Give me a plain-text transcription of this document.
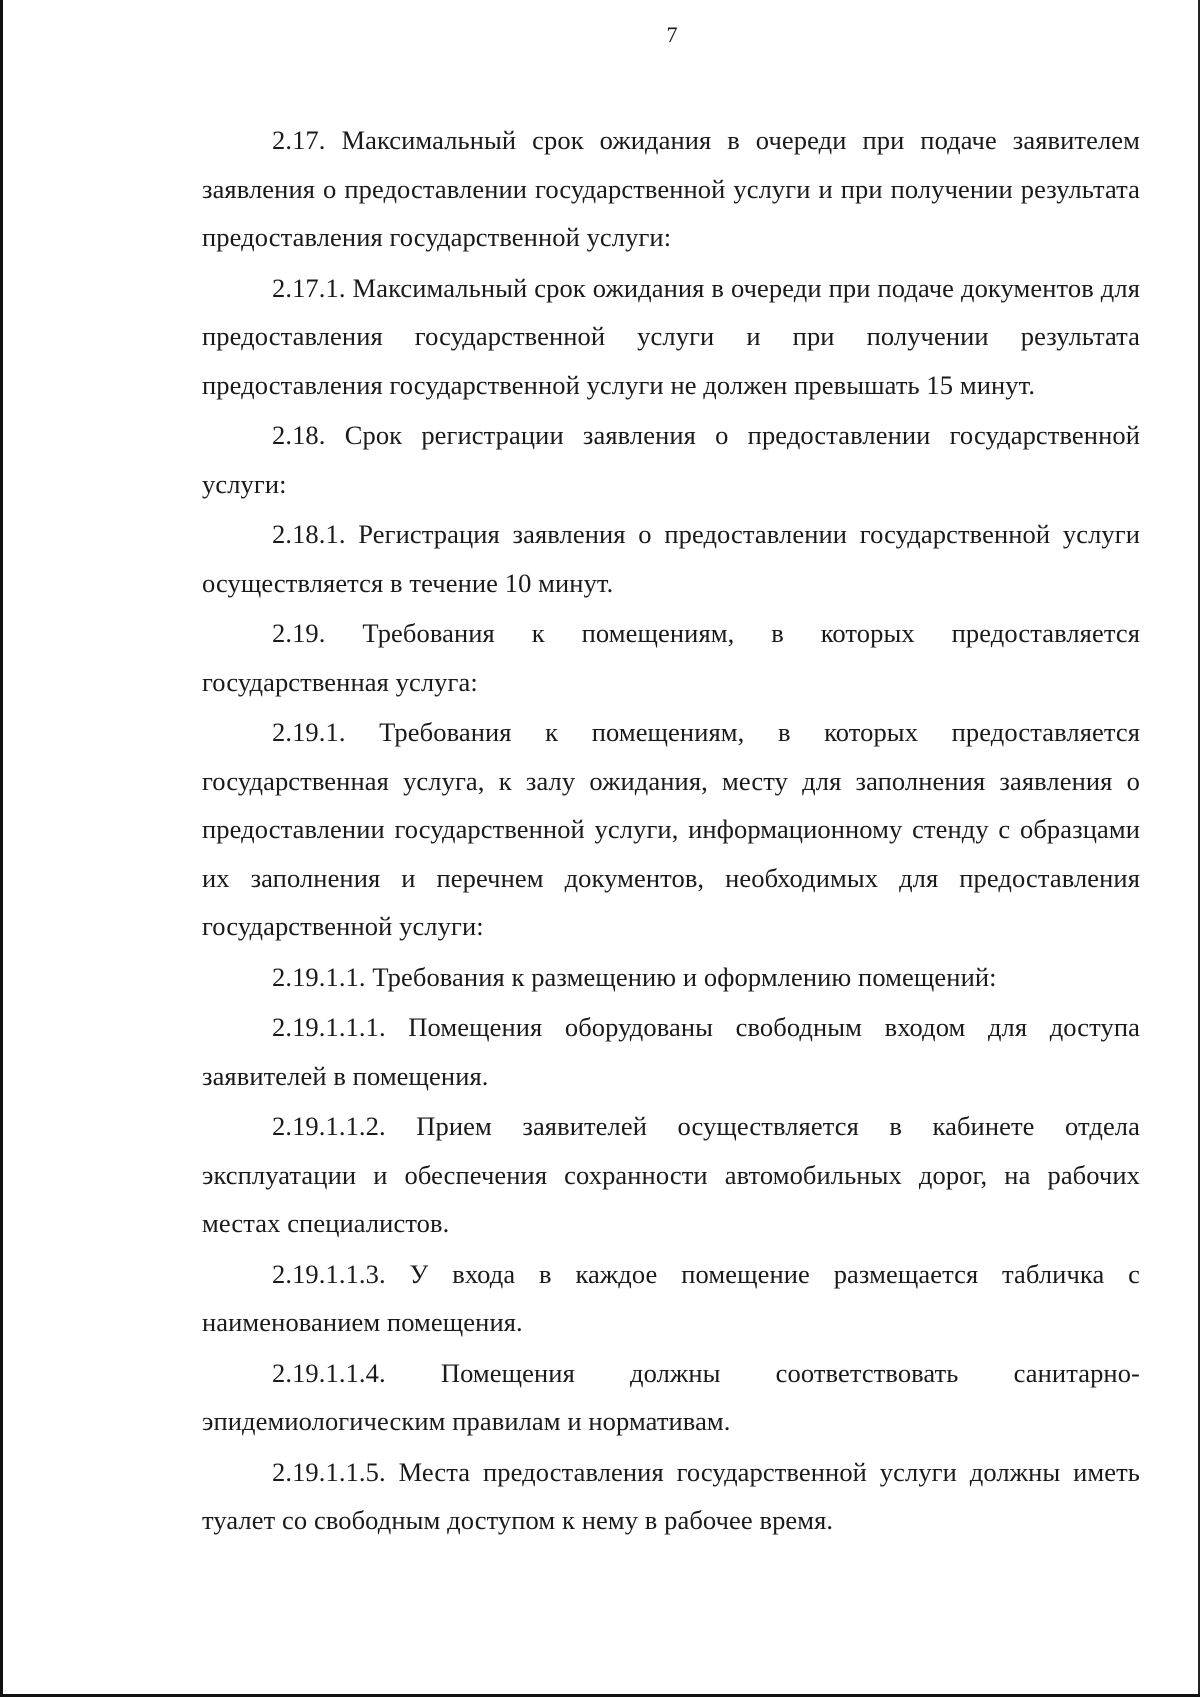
7

2.17. Максимальный срок ожидания в очереди при подаче заявителем заявления о предоставлении государственной услуги и при получении результата предоставления государственной услуги:

2.17.1. Максимальный срок ожидания в очереди при подаче документов для предоставления государственной услуги и при получении результата предоставления государственной услуги не должен превышать 15 минут.

2.18. Срок регистрации заявления о предоставлении государственной услуги:

2.18.1. Регистрация заявления о предоставлении государственной услуги осуществляется в течение 10 минут.

2.19. Требования к помещениям, в которых предоставляется государственная услуга:

2.19.1. Требования к помещениям, в которых предоставляется государственная услуга, к залу ожидания, месту для заполнения заявления о предоставлении государственной услуги, информационному стенду с образцами их заполнения и перечнем документов, необходимых для предоставления государственной услуги:

2.19.1.1. Требования к размещению и оформлению помещений:

2.19.1.1.1. Помещения оборудованы свободным входом для доступа заявителей в помещения.

2.19.1.1.2. Прием заявителей осуществляется в кабинете отдела эксплуатации и обеспечения сохранности автомобильных дорог, на рабочих местах специалистов.

2.19.1.1.3. У входа в каждое помещение размещается табличка с наименованием помещения.

2.19.1.1.4. Помещения должны соответствовать санитарно-эпидемиологическим правилам и нормативам.

2.19.1.1.5. Места предоставления государственной услуги должны иметь туалет со свободным доступом к нему в рабочее время.
